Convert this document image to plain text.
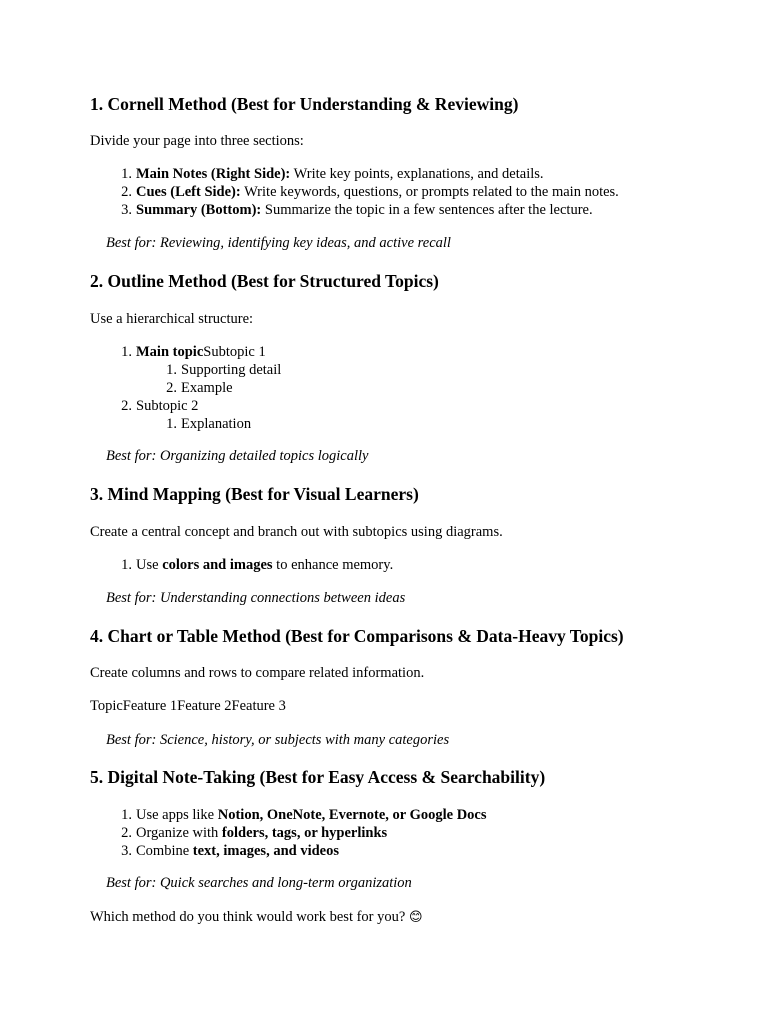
1. Cornell Method (Best for Understanding & Reviewing)

Divide your page into three sections:

1 . Main Notes (Right Side): Write key points, explanations, and details.
2 . Cues (Left Side): Write keywords, questions, or prompts related to the main notes.
3 . Summary (Bottom): Summarize the topic in a few sentences after the lecture.

Best for: Reviewing, identifying key ideas, and active recall

2. Outline Method (Best for Structured Topics)

Use a hierarchical structure:

1 . Main topicSubtopic 1
1 . Supporting detail
2 . Example
2 . Subtopic 2
1 . Explanation

Best for: Organizing detailed topics logically

3. Mind Mapping (Best for Visual Learners)

Create a central concept and branch out with subtopics using diagrams.

1 . Use colors and images to enhance memory.

Best for: Understanding connections between ideas

4. Chart or Table Method (Best for Comparisons & Data-Heavy Topics)

Create columns and rows to compare related information.

TopicFeature 1Feature 2Feature 3

Best for: Science, history, or subjects with many categories

5. Digital Note-Taking (Best for Easy Access & Searchability)
1 . Use apps like Notion, OneNote, Evernote, or Google Docs
2 . Organize with folders, tags, or hyperlinks
3 . Combine text, images, and videos

Best for: Quick searches and long-term organization

Which method do you think would work best for you? 😊
